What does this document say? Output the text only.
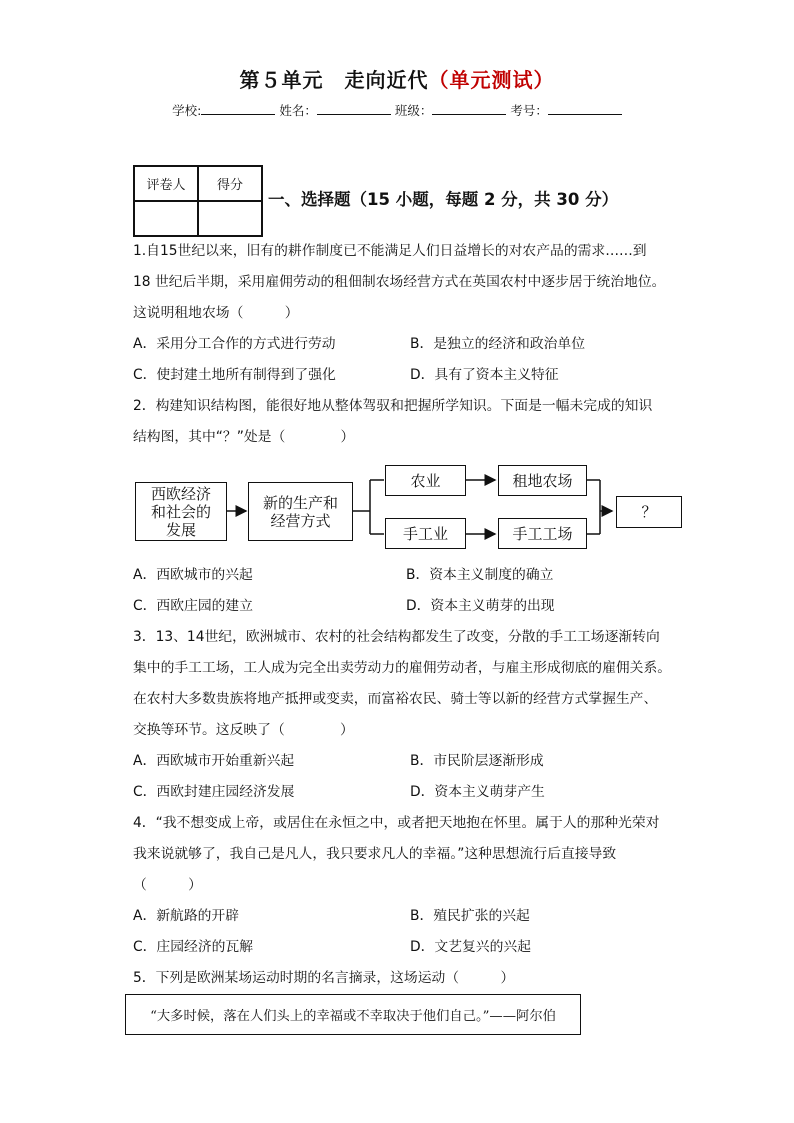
第５单元　走向近代（单元测试）
学校:	姓名：	班级：	考号：
评卷人	得分

一、选择题（15 小题，每题 2 分，共 30 分）
1.自15世纪以来，旧有的耕作制度已不能满足人们日益增长的对农产品的需求……到
18 世纪后半期，采用雇佣劳动的租佃制农场经营方式在英国农村中逐步居于统治地位。
这说明租地农场（　　　）
A．采用分工合作的方式进行劳动	B．是独立的经济和政治单位
C．使封建土地所有制得到了强化	D．具有了资本主义特征
2．构建知识结构图，能很好地从整体驾驭和把握所学知识。下面是一幅未完成的知识
结构图，其中“？”处是（　　　　）
西欧经济
和社会的
发展
新的生产和
经营方式
农业	租地农场
手工业	手工工场
？
A．西欧城市的兴起	B．资本主义制度的确立
C．西欧庄园的建立	D．资本主义萌芽的出现
3．13、14世纪，欧洲城市、农村的社会结构都发生了改变，分散的手工工场逐渐转向
集中的手工工场，工人成为完全出卖劳动力的雇佣劳动者，与雇主形成彻底的雇佣关系。
在农村大多数贵族将地产抵押或变卖，而富裕农民、骑士等以新的经营方式掌握生产、
交换等环节。这反映了（　　　　）
A．西欧城市开始重新兴起	B．市民阶层逐渐形成
C．西欧封建庄园经济发展	D．资本主义萌芽产生
4．“我不想变成上帝，或居住在永恒之中，或者把天地抱在怀里。属于人的那种光荣对
我来说就够了，我自己是凡人，我只要求凡人的幸福。”这种思想流行后直接导致
（　　　）
A．新航路的开辟	B．殖民扩张的兴起
C．庄园经济的瓦解	D．文艺复兴的兴起
5．下列是欧洲某场运动时期的名言摘录，这场运动（　　　）
“大多时候，落在人们头上的幸福或不幸取决于他们自己。”——阿尔伯
